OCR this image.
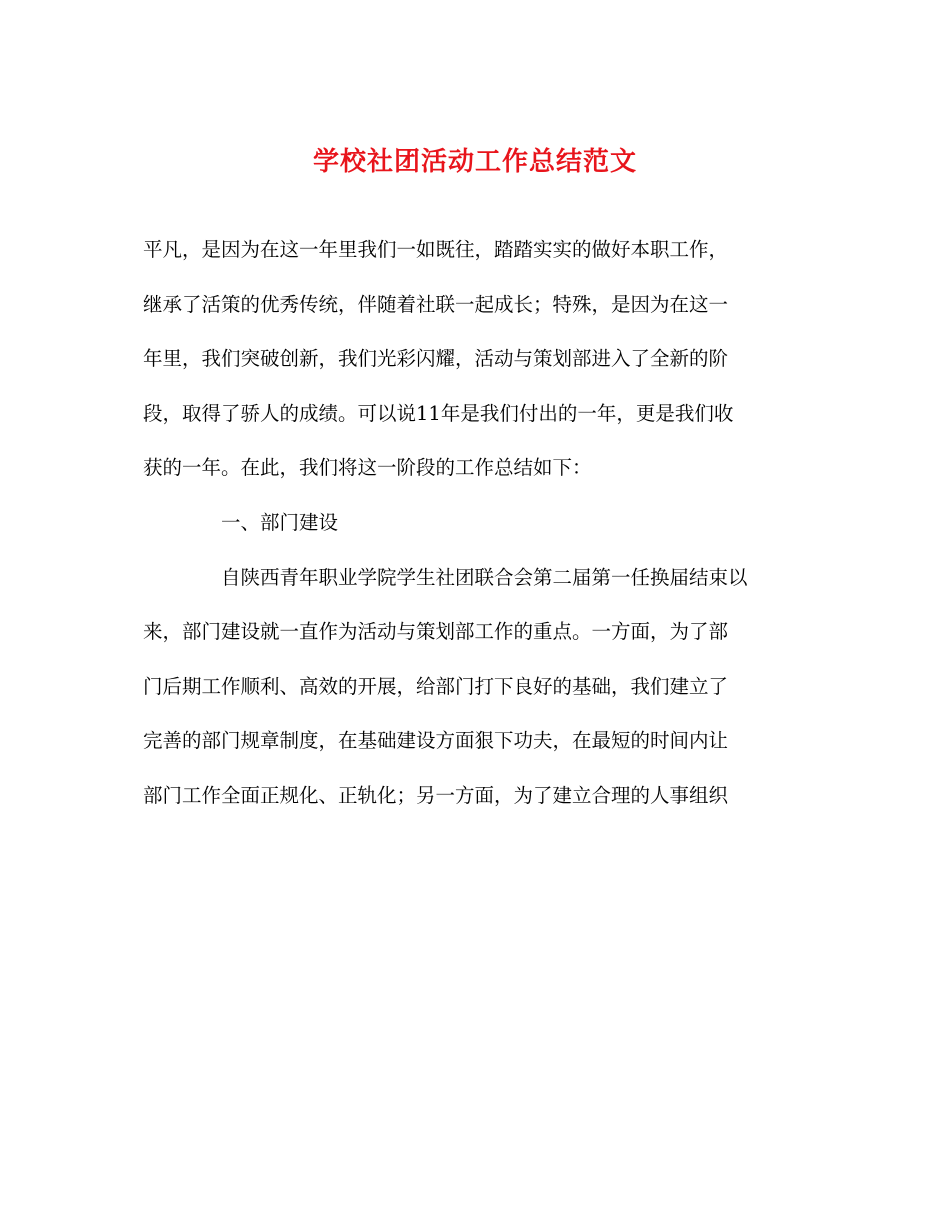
学校社团活动工作总结范文
平凡，是因为在这一年里我们一如既往，踏踏实实的做好本职工作，
继承了活策的优秀传统，伴随着社联一起成长；特殊，是因为在这一
年里，我们突破创新，我们光彩闪耀，活动与策划部进入了全新的阶
段，取得了骄人的成绩。可以说11年是我们付出的一年，更是我们收
获的一年。在此，我们将这一阶段的工作总结如下：
一、部门建设
自陕西青年职业学院学生社团联合会第二届第一任换届结束以
来，部门建设就一直作为活动与策划部工作的重点。一方面，为了部
门后期工作顺利、高效的开展，给部门打下良好的基础，我们建立了
完善的部门规章制度，在基础建设方面狠下功夫，在最短的时间内让
部门工作全面正规化、正轨化；另一方面，为了建立合理的人事组织
